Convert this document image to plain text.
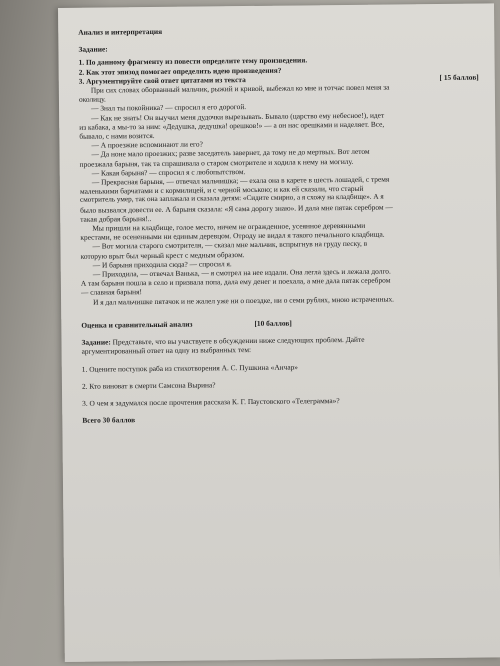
Анализ и интерпретация
Задание:
1. По данному фрагменту из повести определите тему произведения.
2. Как этот эпизод помогает определить идею произведения?
3. Аргументируйте свой ответ цитатами из текста	[ 15 баллов]
При сих словах оборванный мальчик, рыжий и кривой, выбежал ко мне и тотчас повел меня за
околицу.
— Знал ты покойника? — спросил я его дорогой.
— Как не знать! Он выучил меня дудочки вырезывать. Бывало (царство ему небесное!), идет
из кабака, а мы-то за ним: «Дедушка, дедушка! орешков!» — а он нас орешками и наделяет. Все,
бывало, с нами возится.
— А проезжие вспоминают ли его?
— Да ноне мало проезжих; разве заседатель завернет, да тому не до мертвых. Вот летом
проезжала барыня, так та спрашивала о старом смотрителе и ходила к нему на могилу.
— Какая барыня? — спросил я с любопытством.
— Прекрасная барыня, — отвечал мальчишка; — ехала она в карете в шесть лошадей, с тремя
маленькими барчатами и с кормилицей, и с черной моською; и как ей сказали, что старый
смотритель умер, так она заплакала и сказала детям: «Сидите смирно, а я схожу на кладбище». А я
было вызвался довести ее. А барыня сказала: «Я сама дорогу знаю». И дала мне пятак серебром —
такая добрая барыня!..
Мы пришли на кладбище, голое место, ничем не огражденное, усеянное деревянными
крестами, не осененными ни единым деревцом. Отроду не видал я такого печального кладбища.
— Вот могила старого смотрителя, — сказал мне мальчик, вспрыгнув на груду песку, в
которую врыт был черный крест с медным образом.
— И барыня приходила сюда? — спросил я.
— Приходила, — отвечал Ванька, — я смотрел на нее издали. Она легла здесь и лежала долго.
А там барыня пошла в село и призвала попа, дала ему денег и поехала, а мне дала пятак серебром
— славная барыня!
И я дал мальчишке пятачок и не жалел уже ни о поездке, ни о семи рублях, мною истраченных.
Оценка и сравнительный анализ	[10 баллов]
Задание: Представьте, что вы участвуете в обсуждении ниже следующих проблем. Дайте
аргументированный ответ на одну из выбранных тем:
1. Оцените поступок раба из стихотворения А. С. Пушкина «Анчар»
2. Кто виноват в смерти Самсона Вырина?
3. О чем я задумался после прочтения рассказа К. Г. Паустовского «Телеграмма»?
Всего 30 баллов
